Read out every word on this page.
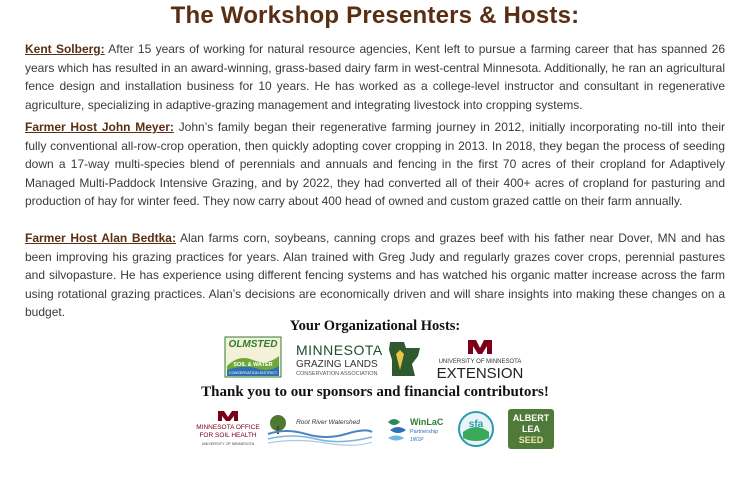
The Workshop Presenters & Hosts:

Kent Solberg: After 15 years of working for natural resource agencies, Kent left to pursue a farming career that has spanned 26 years which has resulted in an award-winning, grass-based dairy farm in west-central Minnesota. Additionally, he ran an agricultural fence design and installation business for 10 years. He has worked as a college-level instructor and consultant in regenerative agriculture, specializing in adaptive-grazing management and integrating livestock into cropping systems.

Farmer Host John Meyer: John’s family began their regenerative farming journey in 2012, initially incorporating no-till into their fully conventional all-row-crop operation, then quickly adopting cover cropping in 2013. In 2018, they began the process of seeding down a 17-way multi-species blend of perennials and annuals and fencing in the first 70 acres of their cropland for Adaptively Managed Multi-Paddock Intensive Grazing, and by 2022, they had converted all of their 400+ acres of cropland for pasturing and production of hay for winter feed. They now carry about 400 head of owned and custom grazed cattle on their farm annually.

Farmer Host Alan Bedtka: Alan farms corn, soybeans, canning crops and grazes beef with his father near Dover, MN and has been improving his grazing practices for years. Alan trained with Greg Judy and regularly grazes cover crops, perennial pastures and silvopasture. He has experience using different fencing systems and has watched his organic matter increase across the farm using rotational grazing practices. Alan’s decisions are economically driven and will share insights into making these changes on a budget.

Your Organizational Hosts:
OLMSTED
SOIL & WATER
CONSERVATION DISTRICT
MINNESOTA
GRAZING LANDS
CONSERVATION ASSOCIATION
UNIVERSITY OF MINNESOTA
EXTENSION
Thank you to our sponsors and financial contributors!
MINNESOTA OFFICE
FOR SOIL HEALTH
UNIVERSITY OF MINNESOTA
Root River Watershed	WinLaC
Partnership
1W1P
sfa
ALBERT
LEA
SEED
